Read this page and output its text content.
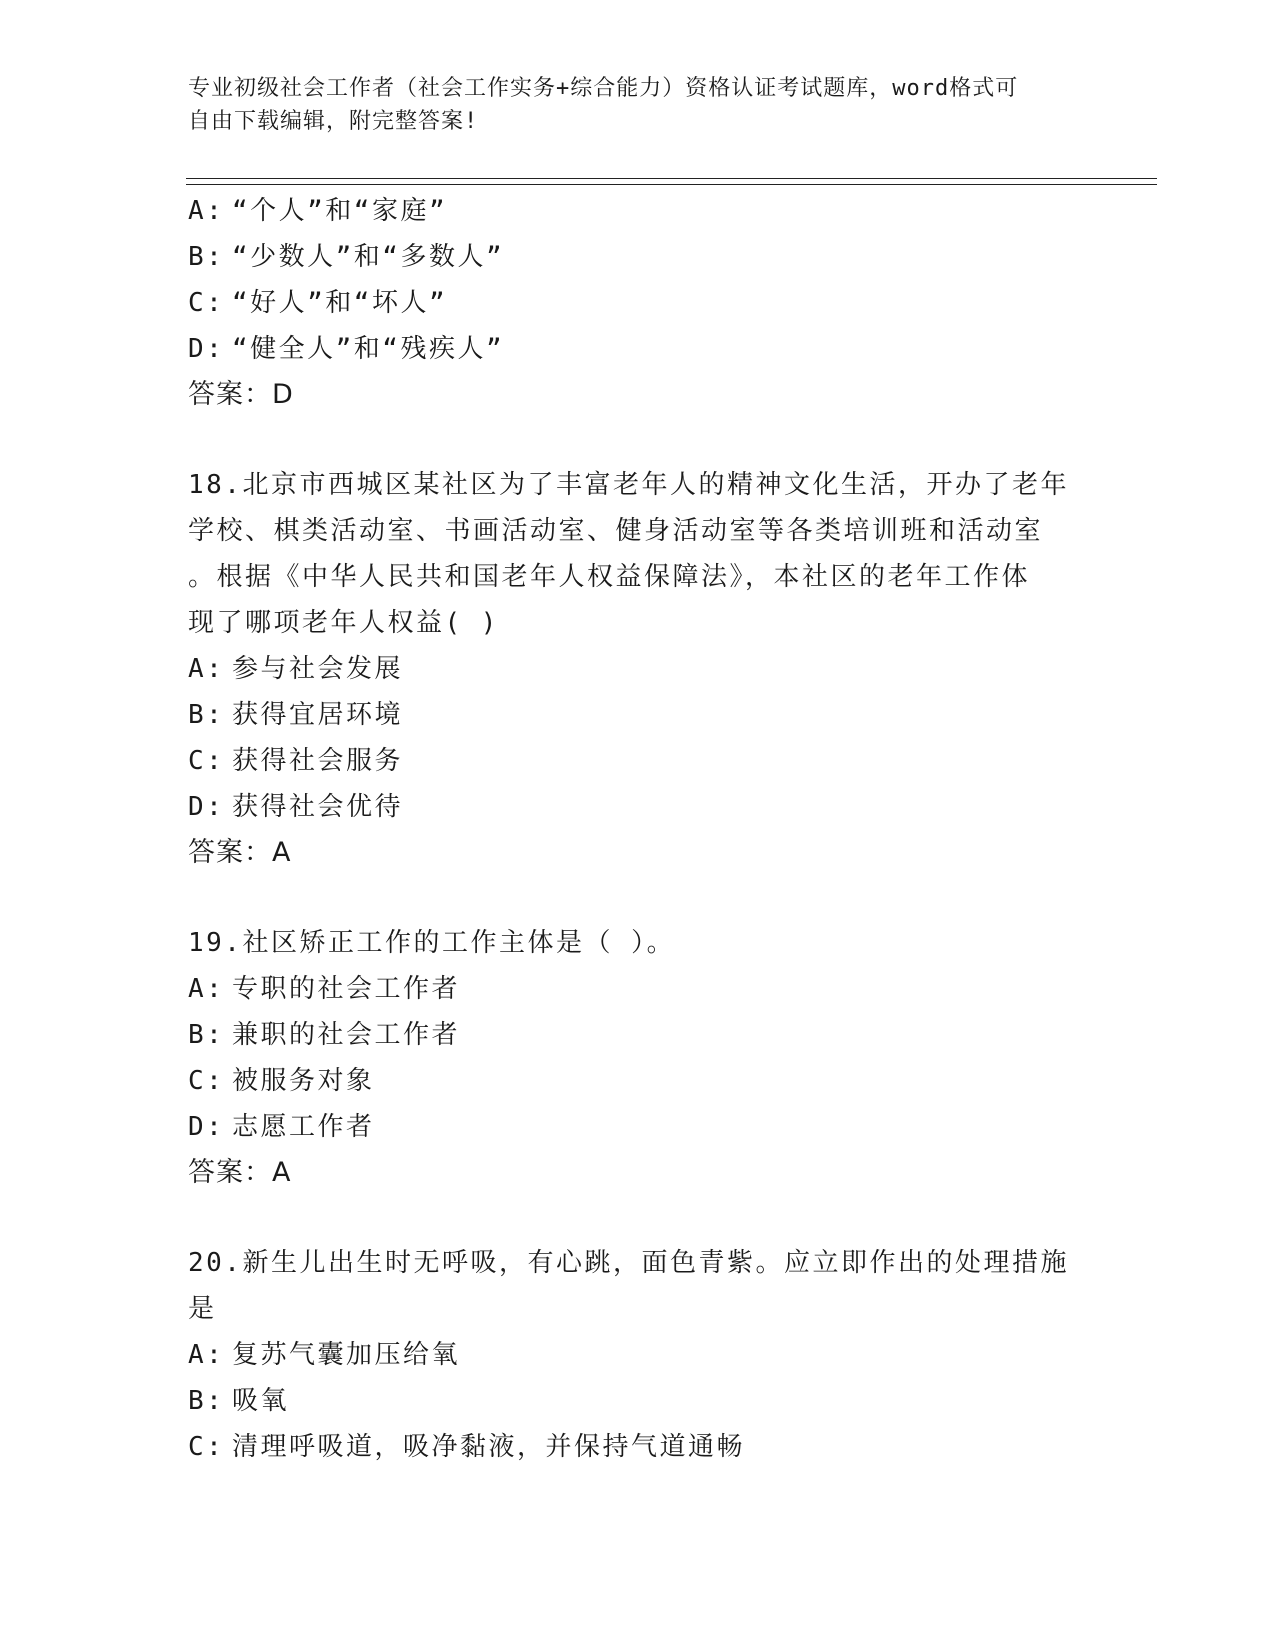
专业初级社会工作者（社会工作实务+综合能力）资格认证考试题库，word格式可
自由下载编辑，附完整答案!
A: “个人”和“家庭”
B: “少数人”和“多数人”
C: “好人”和“坏人”
D: “健全人”和“残疾人”
答案：D
18.北京市西城区某社区为了丰富老年人的精神文化生活，开办了老年
学校、棋类活动室、书画活动室、健身活动室等各类培训班和活动室
。根据《中华人民共和国老年人权益保障法》，本社区的老年工作体
现了哪项老年人权益( )
A: 参与社会发展
B: 获得宜居环境
C: 获得社会服务
D: 获得社会优待
答案：A
19.社区矫正工作的工作主体是（ ）。
A: 专职的社会工作者
B: 兼职的社会工作者
C: 被服务对象
D: 志愿工作者
答案：A
20.新生儿出生时无呼吸，有心跳，面色青紫。应立即作出的处理措施
是
A: 复苏气囊加压给氧
B: 吸氧
C: 清理呼吸道，吸净黏液，并保持气道通畅
